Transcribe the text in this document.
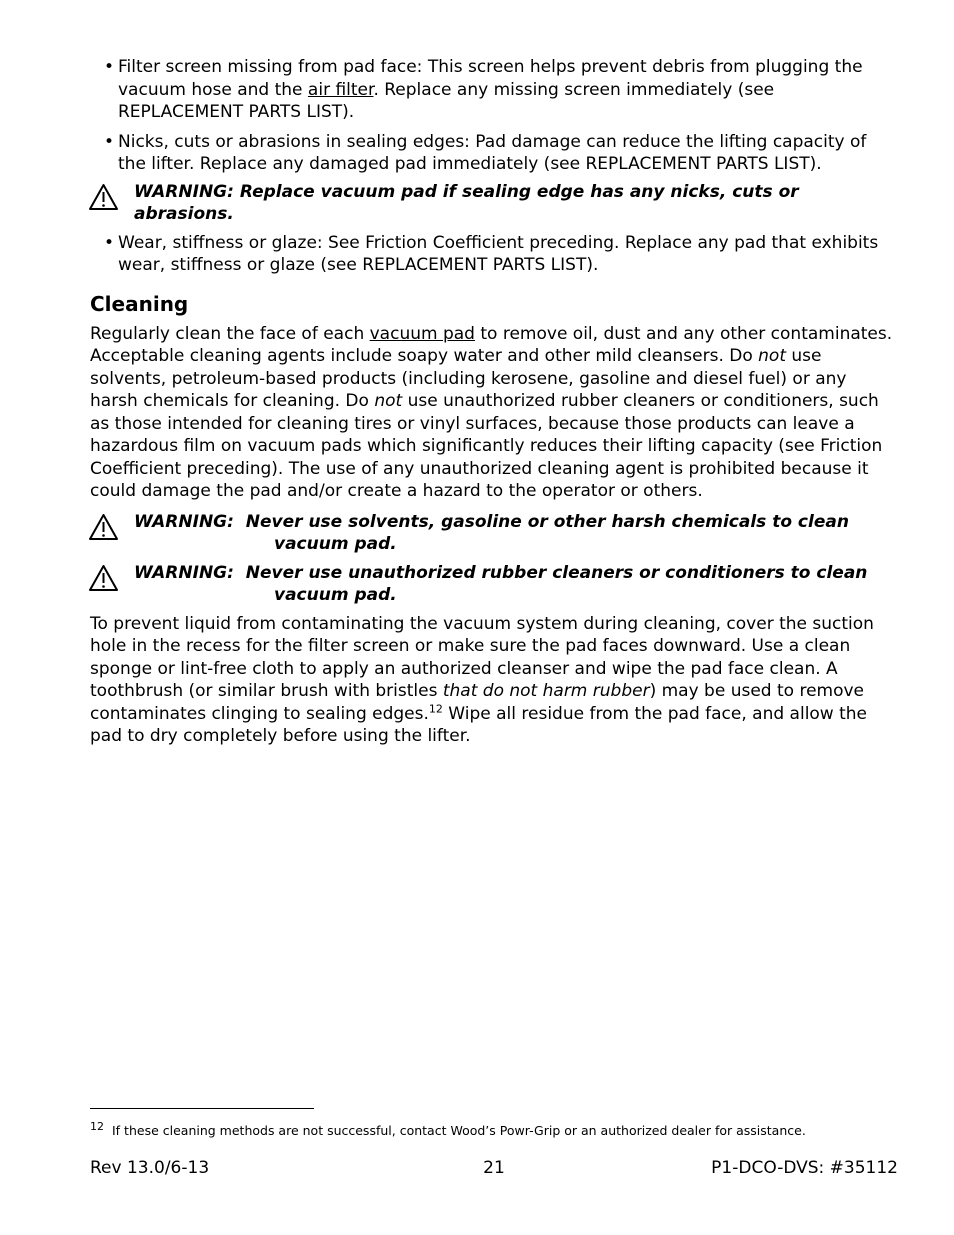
• Filter screen missing from pad face: This screen helps prevent debris from plugging the vacuum hose and the air filter. Replace any missing screen immediately (see REPLACEMENT PARTS LIST).
• Nicks, cuts or abrasions in sealing edges: Pad damage can reduce the lifting capacity of the lifter. Replace any damaged pad immediately (see REPLACEMENT PARTS LIST).
WARNING: Replace vacuum pad if sealing edge has any nicks, cuts or abrasions.
• Wear, stiffness or glaze: See Friction Coefficient preceding. Replace any pad that exhibits wear, stiffness or glaze (see REPLACEMENT PARTS LIST).
Cleaning

Regularly clean the face of each vacuum pad to remove oil, dust and any other contaminates. Acceptable cleaning agents include soapy water and other mild cleansers. Do not use solvents, petroleum-based products (including kerosene, gasoline and diesel fuel) or any harsh chemicals for cleaning. Do not use unauthorized rubber cleaners or conditioners, such as those intended for cleaning tires or vinyl surfaces, because those products can leave a hazardous film on vacuum pads which significantly reduces their lifting capacity (see Friction Coefficient preceding). The use of any unauthorized cleaning agent is prohibited because it could damage the pad and/or create a hazard to the operator or others.

WARNING: Never use solvents, gasoline or other harsh chemicals to clean
vacuum pad.
WARNING: Never use unauthorized rubber cleaners or conditioners to clean
vacuum pad.

To prevent liquid from contaminating the vacuum system during cleaning, cover the suction hole in the recess for the filter screen or make sure the pad faces downward. Use a clean sponge or lint-free cloth to apply an authorized cleanser and wipe the pad face clean. A toothbrush (or similar brush with bristles that do not harm rubber) may be used to remove contaminates clinging to sealing edges.$^{12}$ Wipe all residue from the pad face, and allow the pad to dry completely before using the lifter.

$^{12}$ If these cleaning methods are not successful, contact Wood’s Powr-Grip or an authorized dealer for assistance.
Rev 13.0/6-13	21	P1-DCO-DVS: #35112
